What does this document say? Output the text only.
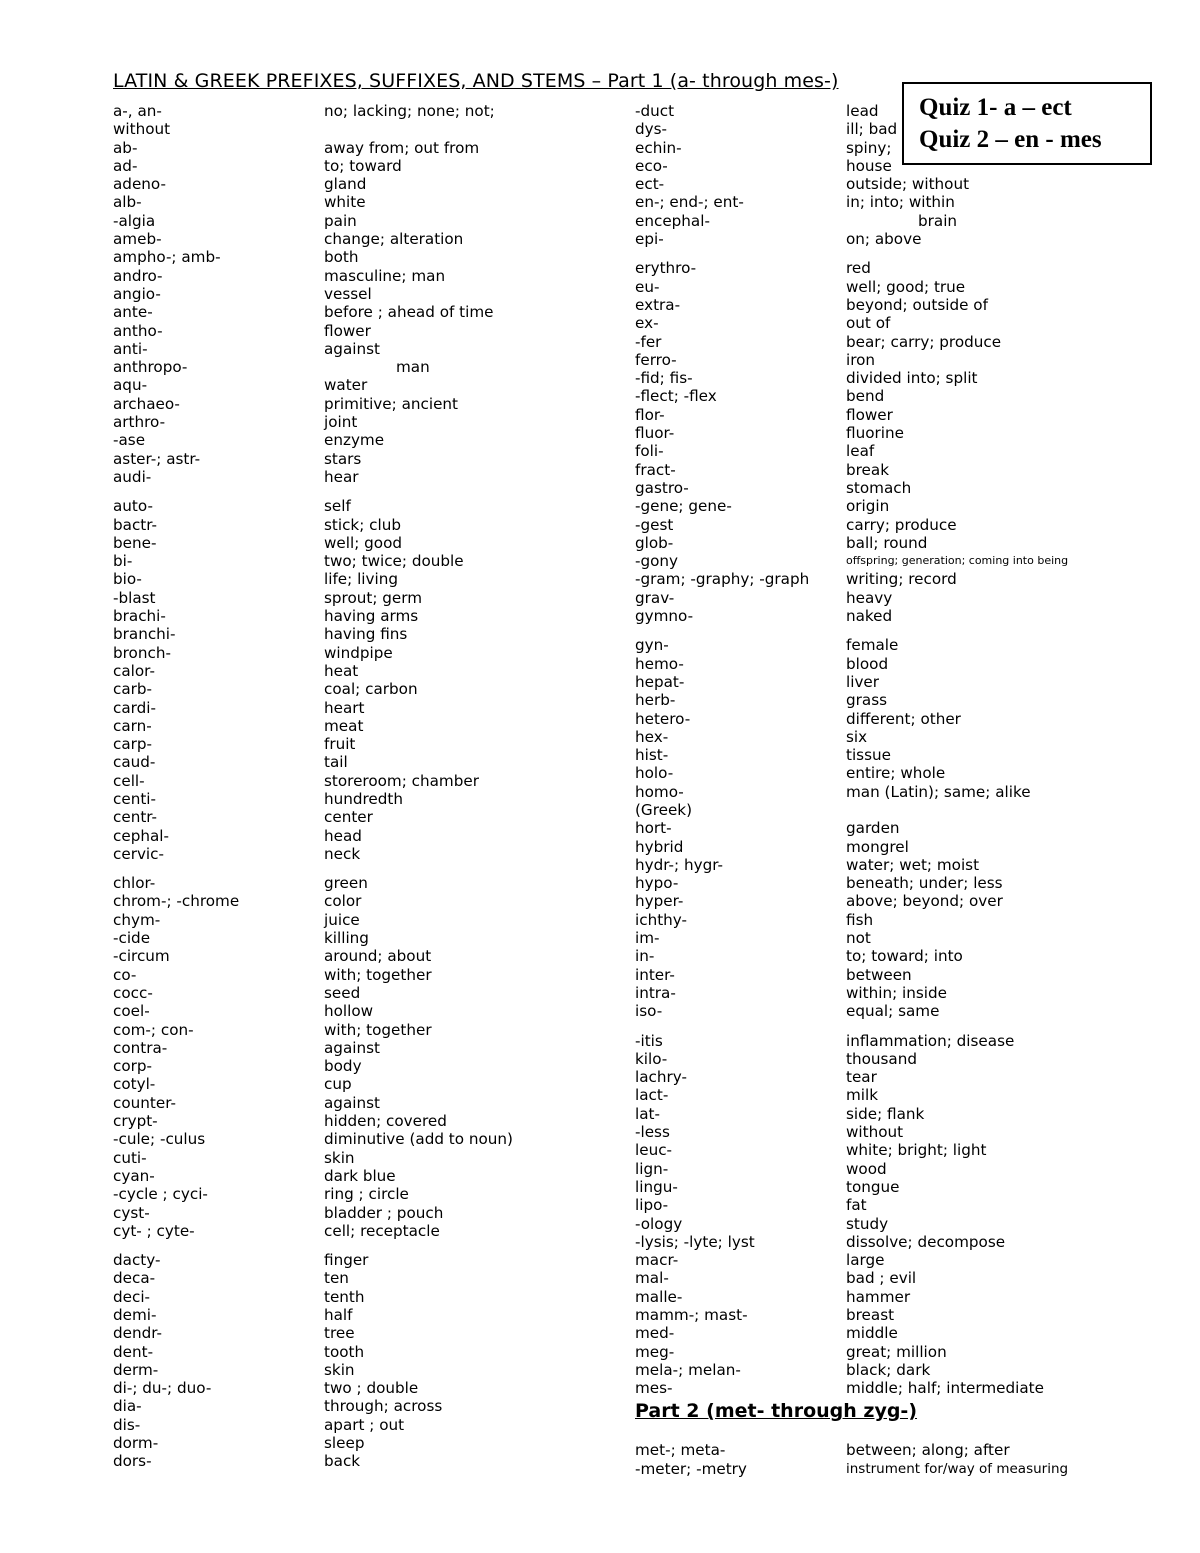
LATIN & GREEK PREFIXES, SUFFIXES, AND STEMS – Part 1 (a- through mes-)
a-, an-	no; lacking; none; not;
without
ab-	away from; out from
ad-	to; toward
adeno-	gland
alb-	white
-algia	pain
ameb-	change; alteration
ampho-; amb-	both
andro-	masculine; man
angio-	vessel
ante-	before ; ahead of time
antho-	flower
anti-	against
anthropo-	man
aqu-	water
archaeo-	primitive; ancient
arthro-	joint
-ase	enzyme
aster-; astr-	stars
audi-	hear
auto-	self
bactr-	stick; club
bene-	well; good
bi-	two; twice; double
bio-	life; living
-blast	sprout; germ
brachi-	having arms
branchi-	having fins
bronch-	windpipe
calor-	heat
carb-	coal; carbon
cardi-	heart
carn-	meat
carp-	fruit
caud-	tail
cell-	storeroom; chamber
centi-	hundredth
centr-	center
cephal-	head
cervic-	neck
chlor-	green
chrom-; -chrome	color
chym-	juice
-cide	killing
-circum	around; about
co-	with; together
cocc-	seed
coel-	hollow
com-; con-	with; together
contra-	against
corp-	body
cotyl-	cup
counter-	against
crypt-	hidden; covered
-cule; -culus	diminutive (add to noun)
cuti-	skin
cyan-	dark blue
-cycle ; cyci-	ring ; circle
cyst-	bladder ; pouch
cyt- ; cyte-	cell; receptacle
dacty-	finger
deca-	ten
deci-	tenth
demi-	half
dendr-	tree
dent-	tooth
derm-	skin
di-; du-; duo-	two ; double
dia-	through; across
dis-	apart ; out
dorm-	sleep
dors-	back
-duct	lead
dys-	ill; bad
echin-	spiny;
eco-	house
ect-	outside; without
en-; end-; ent-	in; into; within
encephal-	brain
epi-	on; above
erythro-	red
eu-	well; good; true
extra-	beyond; outside of
ex-	out of
-fer	bear; carry; produce
ferro-	iron
-fid; fis-	divided into; split
-flect; -flex	bend
flor-	flower
fluor-	fluorine
foli-	leaf
fract-	break
gastro-	stomach
-gene; gene-	origin
-gest	carry; produce
glob-	ball; round
-gony	offspring; generation; coming into being
-gram; -graphy; -graph	writing; record
grav-	heavy
gymno-	naked
gyn-	female
hemo-	blood
hepat-	liver
herb-	grass
hetero-	different; other
hex-	six
hist-	tissue
holo-	entire; whole
homo-	man (Latin); same; alike
(Greek)
hort-	garden
hybrid	mongrel
hydr-; hygr-	water; wet; moist
hypo-	beneath; under; less
hyper-	above; beyond; over
ichthy-	fish
im-	not
in-	to; toward; into
inter-	between
intra-	within; inside
iso-	equal; same
-itis	inflammation; disease
kilo-	thousand
lachry-	tear
lact-	milk
lat-	side; flank
-less	without
leuc-	white; bright; light
lign-	wood
lingu-	tongue
lipo-	fat
-ology	study
-lysis; -lyte; lyst	dissolve; decompose
macr-	large
mal-	bad ; evil
malle-	hammer
mamm-; mast-	breast
med-	middle
meg-	great; million
mela-; melan-	black; dark
mes-	middle; half; intermediate
Part 2 (met- through zyg-)
met-; meta-	between; along; after
-meter; -metry	instrument for/way of measuring
Quiz 1- a – ect
Quiz 2 – en - mes
